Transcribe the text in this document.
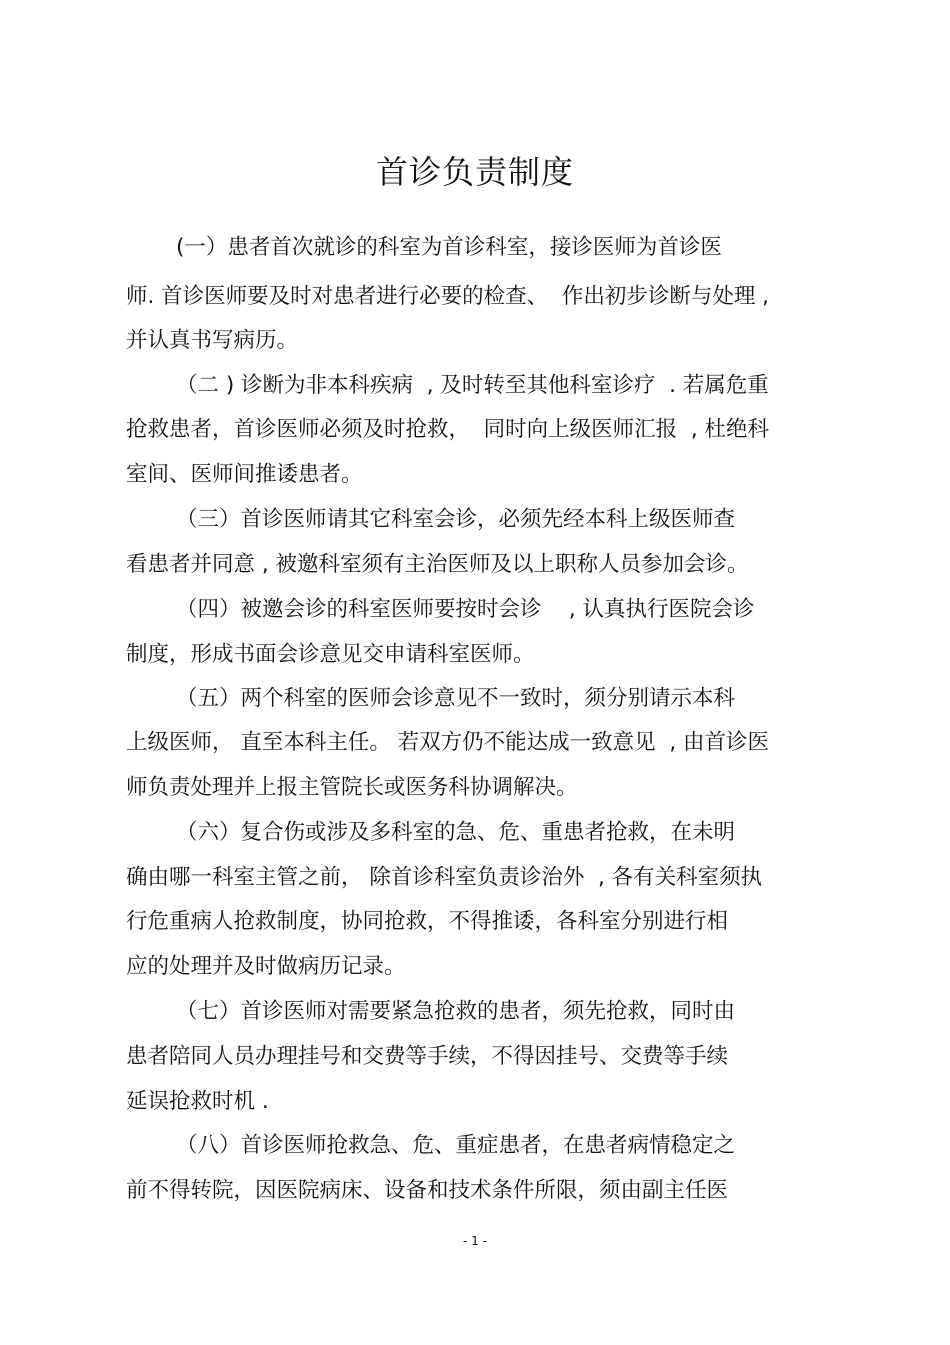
首诊负责制度
(一）患者首次就诊的科室为首诊科室，接诊医师为首诊医
师. 首诊医师要及时对患者进行必要的检查、  作出初步诊断与处理 ,
并认真书写病历。
（二 ) 诊断为非本科疾病  , 及时转至其他科室诊疗  . 若属危重
抢救患者，首诊医师必须及时抢救，  同时向上级医师汇报  , 杜绝科
室间、医师间推诿患者。
（三）首诊医师请其它科室会诊，必须先经本科上级医师查
看患者并同意 , 被邀科室须有主治医师及以上职称人员参加会诊。
（四）被邀会诊的科室医师要按时会诊    , 认真执行医院会诊
制度，形成书面会诊意见交申请科室医师。
（五）两个科室的医师会诊意见不一致时，须分别请示本科
上级医师， 直至本科主任。 若双方仍不能达成一致意见  , 由首诊医
师负责处理并上报主管院长或医务科协调解决。
（六）复合伤或涉及多科室的急、危、重患者抢救，在未明
确由哪一科室主管之前， 除首诊科室负责诊治外  , 各有关科室须执
行危重病人抢救制度，协同抢救，不得推诿，各科室分别进行相
应的处理并及时做病历记录。
（七）首诊医师对需要紧急抢救的患者，须先抢救，同时由
患者陪同人员办理挂号和交费等手续，不得因挂号、交费等手续
延误抢救时机 .
（八）首诊医师抢救急、危、重症患者，在患者病情稳定之
前不得转院，因医院病床、设备和技术条件所限，须由副主任医
- 1 -
